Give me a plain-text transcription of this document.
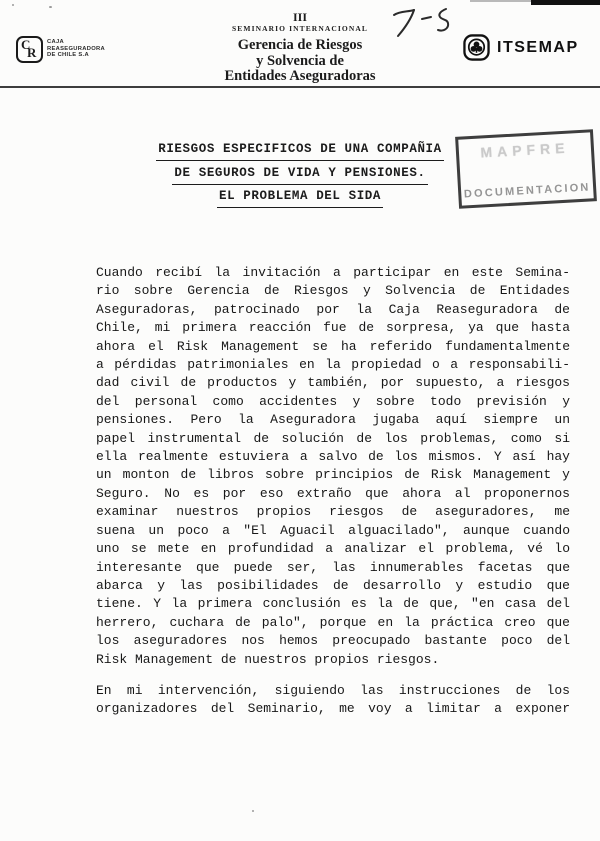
C
R
CAJA
REASEGURADORA
DE CHILE S.A
III
SEMINARIO INTERNACIONAL
Gerencia de Riesgos
y Solvencia de
Entidades Aseguradoras
ITSEMAP
RIESGOS ESPECIFICOS DE UNA COMPAÑIA
DE SEGUROS DE VIDA Y PENSIONES.
EL PROBLEMA DEL SIDA
MAPFRE
DOCUMENTACION
Cuando recibí la invitación a participar en este Semina-
rio sobre Gerencia de Riesgos y Solvencia de Entidades
Aseguradoras, patrocinado por la Caja Reaseguradora de
Chile, mi primera reacción fue de sorpresa, ya que hasta
ahora el Risk Management se ha referido fundamentalmente
a pérdidas patrimoniales en la propiedad o a responsabili-
dad civil de productos y también, por supuesto, a riesgos
del personal como accidentes y sobre todo previsión y
pensiones. Pero la Aseguradora jugaba aquí siempre un
papel instrumental de solución de los problemas, como si
ella realmente estuviera a salvo de los mismos. Y así hay
un monton de libros sobre principios de Risk Management y
Seguro. No es por eso extraño que ahora al proponernos
examinar nuestros propios riesgos de aseguradores, me
suena un poco a "El Aguacil alguacilado", aunque cuando
uno se mete en profundidad a analizar el problema, vé lo
interesante que puede ser, las innumerables facetas que
abarca y las posibilidades de desarrollo y estudio que
tiene. Y la primera conclusión es la de que, "en casa del
herrero, cuchara de palo", porque en la práctica creo que
los aseguradores nos hemos preocupado bastante poco del
Risk Management de nuestros propios riesgos.
En mi intervención, siguiendo las instrucciones de los
organizadores del Seminario, me voy a limitar a exponer
